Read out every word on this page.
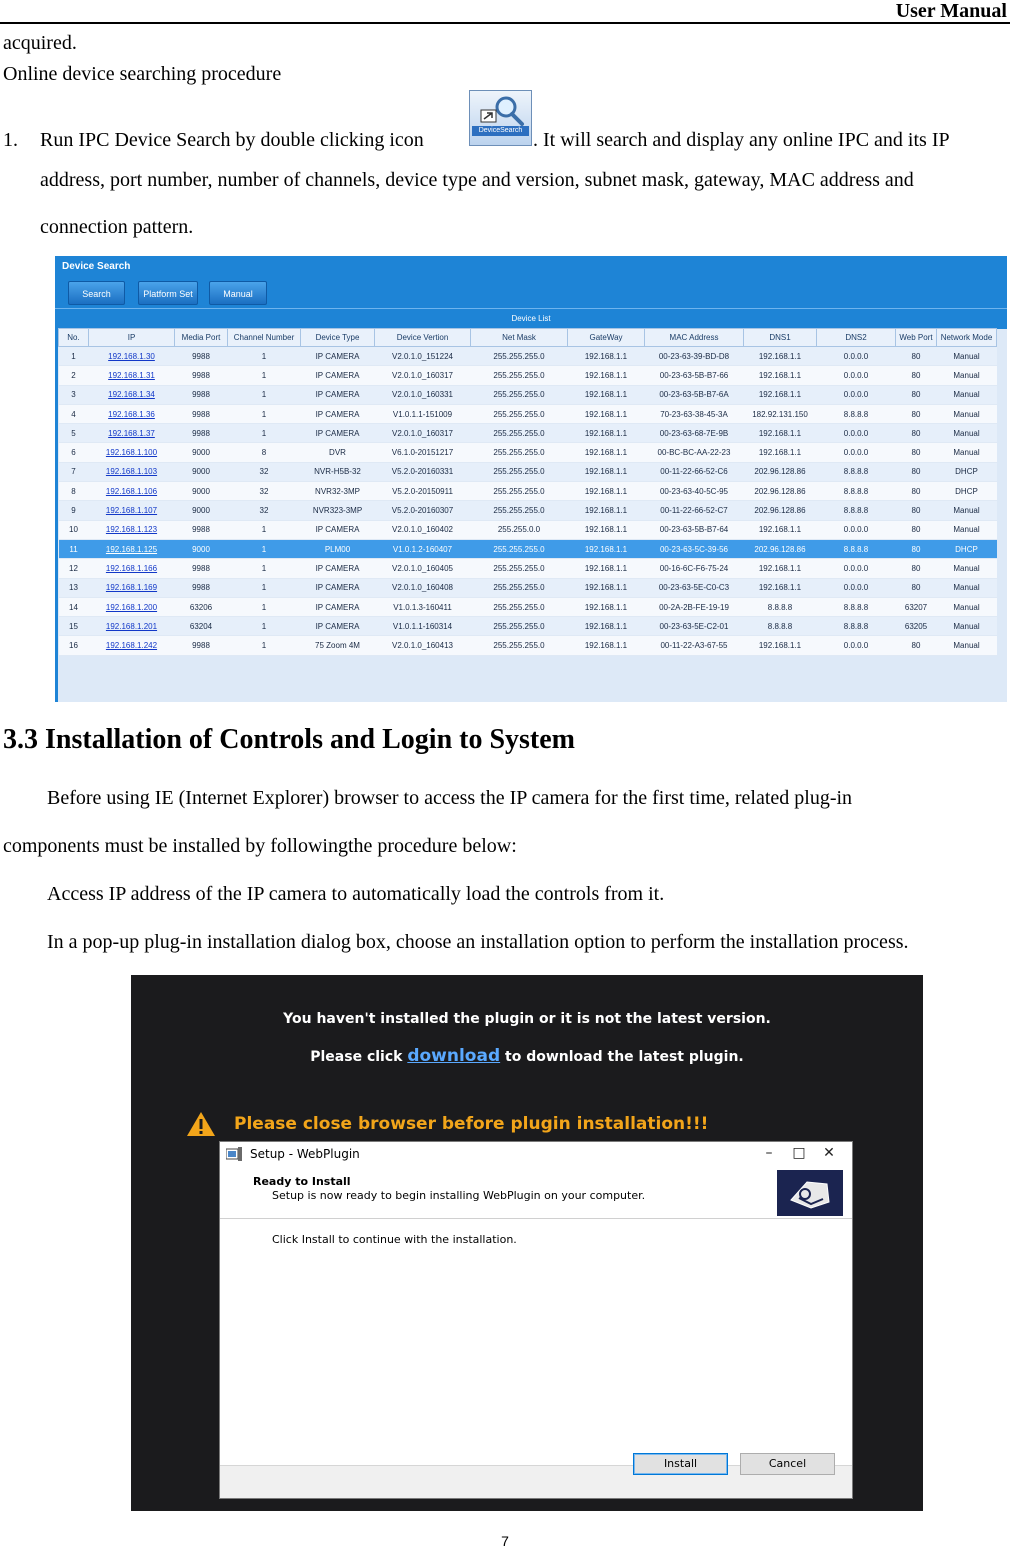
User Manual
acquired.
Online device searching procedure
1. Run IPC Device Search by double clicking icon	DeviceSearch . It will search and display any online IPC and its IP
address, port number, number of channels, device type and version, subnet mask, gateway, MAC address and
connection pattern.
Device Search
Search	Platform Set	Manual
Device List
No.	IP	Media Port	Channel Number	Device Type	Device Vertion	Net Mask	GateWay	MAC Address	DNS1	DNS2	Web Port	Network Mode
1	192.168.1.30	9988	1	IP CAMERA	V2.0.1.0_151224	255.255.255.0	192.168.1.1	00-23-63-39-BD-D8	192.168.1.1	0.0.0.0	80	Manual
2	192.168.1.31	9988	1	IP CAMERA	V2.0.1.0_160317	255.255.255.0	192.168.1.1	00-23-63-5B-B7-66	192.168.1.1	0.0.0.0	80	Manual
3	192.168.1.34	9988	1	IP CAMERA	V2.0.1.0_160331	255.255.255.0	192.168.1.1	00-23-63-5B-B7-6A	192.168.1.1	0.0.0.0	80	Manual
4	192.168.1.36	9988	1	IP CAMERA	V1.0.1.1-151009	255.255.255.0	192.168.1.1	70-23-63-38-45-3A	182.92.131.150	8.8.8.8	80	Manual
5	192.168.1.37	9988	1	IP CAMERA	V2.0.1.0_160317	255.255.255.0	192.168.1.1	00-23-63-68-7E-9B	192.168.1.1	0.0.0.0	80	Manual
6	192.168.1.100	9000	8	DVR	V6.1.0-20151217	255.255.255.0	192.168.1.1	00-BC-BC-AA-22-23	192.168.1.1	0.0.0.0	80	Manual
7	192.168.1.103	9000	32	NVR-H5B-32	V5.2.0-20160331	255.255.255.0	192.168.1.1	00-11-22-66-52-C6	202.96.128.86	8.8.8.8	80	DHCP
8	192.168.1.106	9000	32	NVR32-3MP	V5.2.0-20150911	255.255.255.0	192.168.1.1	00-23-63-40-5C-95	202.96.128.86	8.8.8.8	80	DHCP
9	192.168.1.107	9000	32	NVR323-3MP	V5.2.0-20160307	255.255.255.0	192.168.1.1	00-11-22-66-52-C7	202.96.128.86	8.8.8.8	80	Manual
10	192.168.1.123	9988	1	IP CAMERA	V2.0.1.0_160402	255.255.0.0	192.168.1.1	00-23-63-5B-B7-64	192.168.1.1	0.0.0.0	80	Manual
11	192.168.1.125	9000	1	PLM00	V1.0.1.2-160407	255.255.255.0	192.168.1.1	00-23-63-5C-39-56	202.96.128.86	8.8.8.8	80	DHCP
12	192.168.1.166	9988	1	IP CAMERA	V2.0.1.0_160405	255.255.255.0	192.168.1.1	00-16-6C-F6-75-24	192.168.1.1	0.0.0.0	80	Manual
13	192.168.1.169	9988	1	IP CAMERA	V2.0.1.0_160408	255.255.255.0	192.168.1.1	00-23-63-5E-C0-C3	192.168.1.1	0.0.0.0	80	Manual
14	192.168.1.200	63206	1	IP CAMERA	V1.0.1.3-160411	255.255.255.0	192.168.1.1	00-2A-2B-FE-19-19	8.8.8.8	8.8.8.8	63207	Manual
15	192.168.1.201	63204	1	IP CAMERA	V1.0.1.1-160314	255.255.255.0	192.168.1.1	00-23-63-5E-C2-01	8.8.8.8	8.8.8.8	63205	Manual
16	192.168.1.242	9988	1	75 Zoom 4M	V2.0.1.0_160413	255.255.255.0	192.168.1.1	00-11-22-A3-67-55	192.168.1.1	0.0.0.0	80	Manual
3.3 Installation of Controls and Login to System
Before using IE (Internet Explorer) browser to access the IP camera for the first time, related plug-in
components must be installed by followingthe procedure below:
Access IP address of the IP camera to automatically load the controls from it.
In a pop-up plug-in installation dialog box, choose an installation option to perform the installation process.
You haven't installed the plugin or it is not the latest version.
Please click download to download the latest plugin.
Please close browser before plugin installation!!!
Setup - WebPlugin	–	□	✕
Ready to Install
Setup is now ready to begin installing WebPlugin on your computer.
Click Install to continue with the installation.
Install	Cancel
7
